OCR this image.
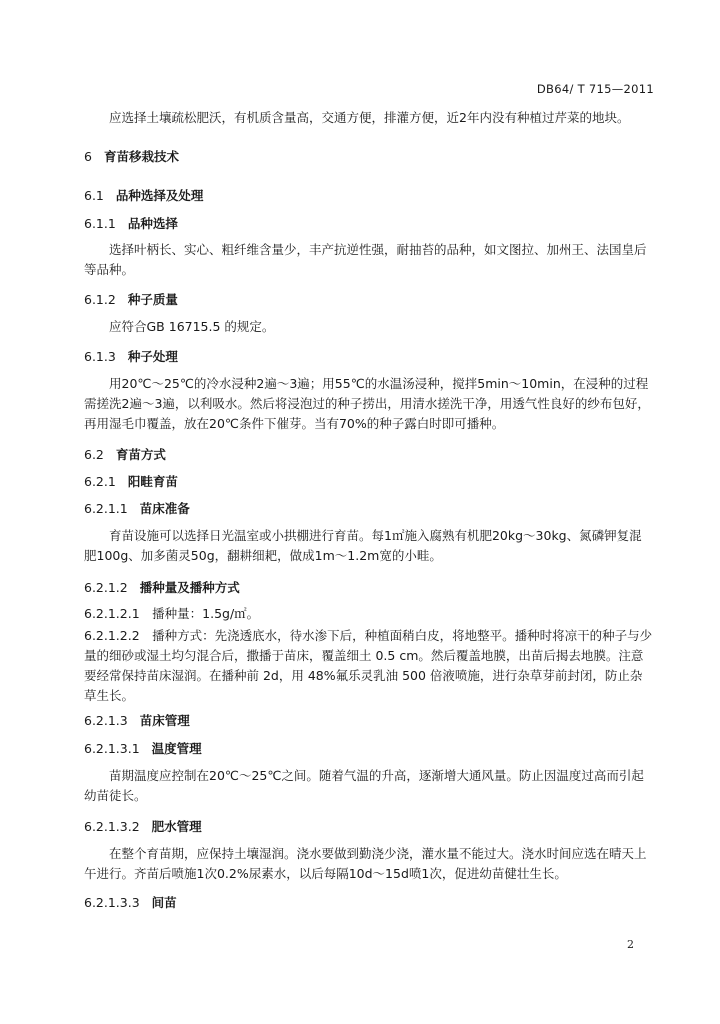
DB64/ T 715—2011
应选择土壤疏松肥沃，有机质含量高，交通方便，排灌方便，近2年内没有种植过芹菜的地块。
6 育苗移栽技术
6.1 品种选择及处理
6.1.1 品种选择
选择叶柄长、实心、粗纤维含量少，丰产抗逆性强，耐抽苔的品种，如文图拉、加州王、法国皇后等品种。
6.1.2 种子质量
应符合GB 16715.5 的规定。
6.1.3 种子处理
用20℃～25℃的冷水浸种2遍～3遍；用55℃的水温汤浸种，搅拌5min～10min，在浸种的过程需搓洗2遍～3遍，以利吸水。然后将浸泡过的种子捞出，用清水搓洗干净，用透气性良好的纱布包好，再用湿毛巾覆盖，放在20℃条件下催芽。当有70%的种子露白时即可播种。
6.2 育苗方式
6.2.1 阳畦育苗
6.2.1.1 苗床准备
育苗设施可以选择日光温室或小拱棚进行育苗。每1㎡施入腐熟有机肥20kg～30kg、氮磷钾复混肥100g、加多菌灵50g，翻耕细耙，做成1m～1.2m宽的小畦。
6.2.1.2 播种量及播种方式
6.2.1.2.1　播种量：1.5g/㎡。
6.2.1.2.2　播种方式：先浇透底水，待水渗下后，种植面稍白皮，将地整平。播种时将凉干的种子与少量的细砂或湿土均匀混合后，撒播于苗床，覆盖细土 0.5 cm。然后覆盖地膜，出苗后揭去地膜。注意要经常保持苗床湿润。在播种前 2d，用 48%氟乐灵乳油 500 倍液喷施，进行杂草芽前封闭，防止杂草生长。
6.2.1.3 苗床管理
6.2.1.3.1 温度管理
苗期温度应控制在20℃～25℃之间。随着气温的升高，逐渐增大通风量。防止因温度过高而引起幼苗徒长。
6.2.1.3.2 肥水管理
在整个育苗期，应保持土壤湿润。浇水要做到勤浇少浇，灌水量不能过大。浇水时间应选在晴天上午进行。齐苗后喷施1次0.2%尿素水，以后每隔10d～15d喷1次，促进幼苗健壮生长。
6.2.1.3.3 间苗
2
